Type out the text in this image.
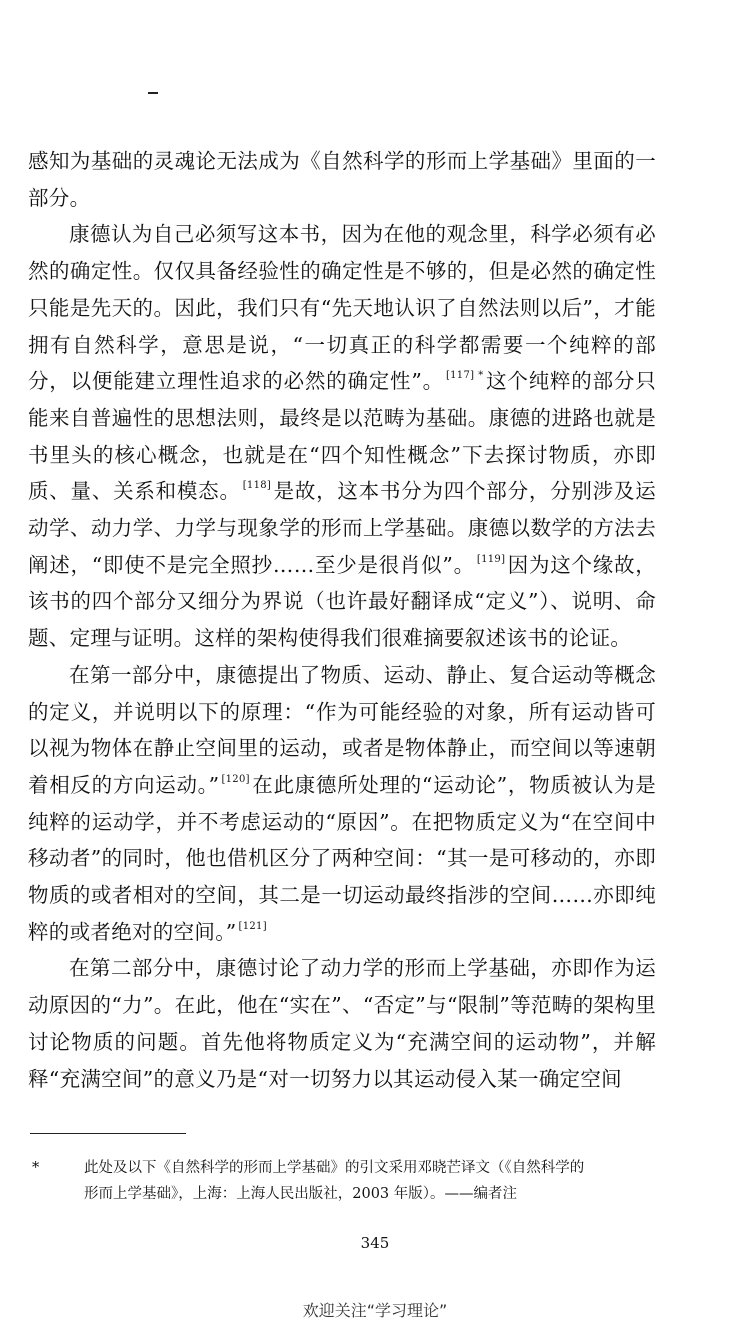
感知为基础的灵魂论无法成为《自然科学的形而上学基础》里面的一部分。

康德认为自己必须写这本书，因为在他的观念里，科学必须有必然的确定性。仅仅具备经验性的确定性是不够的，但是必然的确定性只能是先天的。因此，我们只有“先天地认识了自然法则以后”，才能拥有自然科学，意思是说，“一切真正的科学都需要一个纯粹的部分，以便能建立理性追求的必然的确定性”。 $^{[117] *}$这个纯粹的部分只能来自普遍性的思想法则，最终是以范畴为基础。康德的进路也就是书里头的核心概念，也就是在“四个知性概念”下去探讨物质，亦即质、量、关系和模态。 [118]是故，这本书分为四个部分，分别涉及运动学、动力学、力学与现象学的形而上学基础。康德以数学的方法去阐述，“即使不是完全照抄……至少是很肖似”。 [119]因为这个缘故，该书的四个部分又细分为界说（也许最好翻译成“定义”）、说明、命题、定理与证明。这样的架构使得我们很难摘要叙述该书的论证。

在第一部分中，康德提出了物质、运动、静止、复合运动等概念的定义，并说明以下的原理：“作为可能经验的对象，所有运动皆可以视为物体在静止空间里的运动，或者是物体静止，而空间以等速朝着相反的方向运动。” [120]在此康德所处理的“运动论”，物质被认为是纯粹的运动学，并不考虑运动的“原因”。在把物质定义为“在空间中移动者”的同时，他也借机区分了两种空间：“其一是可移动的，亦即物质的或者相对的空间，其二是一切运动最终指涉的空间……亦即纯粹的或者绝对的空间。” [121]

在第二部分中，康德讨论了动力学的形而上学基础，亦即作为运动原因的“力”。在此，他在“实在”、“否定”与“限制”等范畴的架构里讨论物质的问题。首先他将物质定义为“充满空间的运动物”，并解释“充满空间”的意义乃是“对一切努力以其运动侵入某一确定空间

*	此处及以下《自然科学的形而上学基础》的引文采用邓晓芒译文（《自然科学的
形而上学基础》，上海：上海人民出版社，2003 年版）。——编者注
345
欢迎关注“学习理论”
